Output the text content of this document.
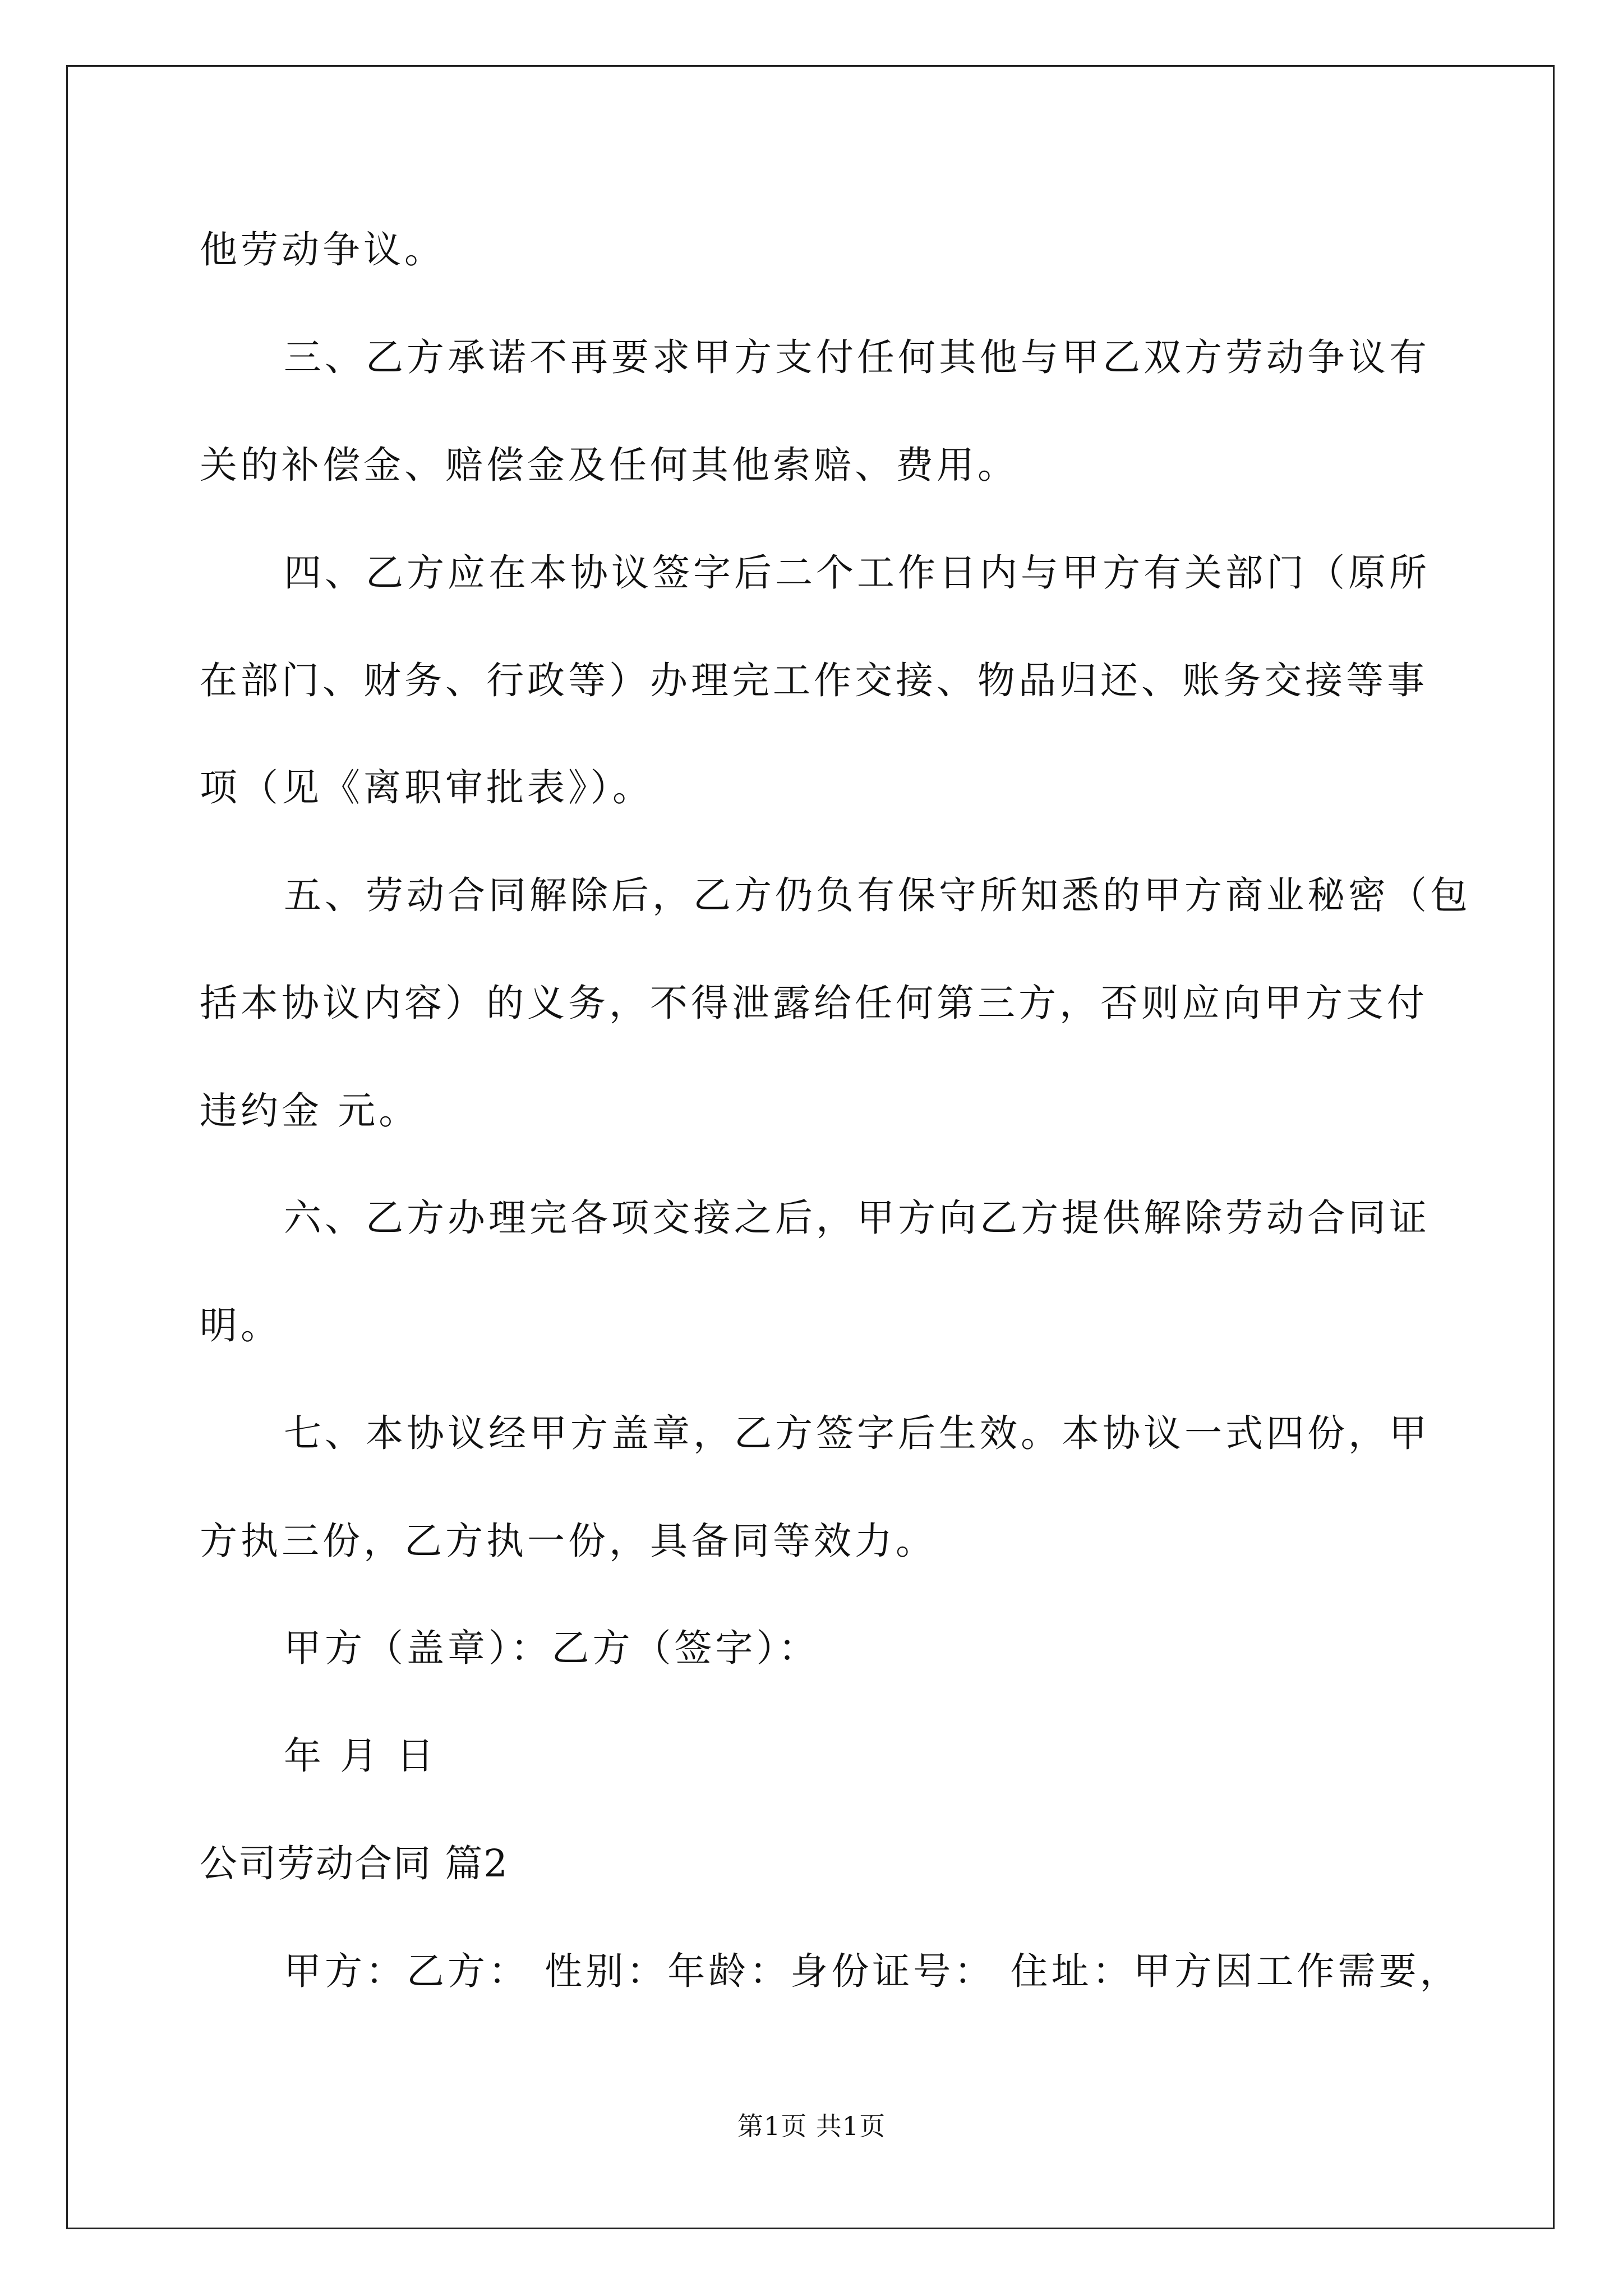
他劳动争议。
三、乙方承诺不再要求甲方支付任何其他与甲乙双方劳动争议有
关的补偿金、赔偿金及任何其他索赔、费用。
四、乙方应在本协议签字后二个工作日内与甲方有关部门（原所
在部门、财务、行政等）办理完工作交接、物品归还、账务交接等事
项（见《离职审批表》）。
五、劳动合同解除后，乙方仍负有保守所知悉的甲方商业秘密（包
括本协议内容）的义务，不得泄露给任何第三方，否则应向甲方支付
违约金 元。
六、乙方办理完各项交接之后，甲方向乙方提供解除劳动合同证
明。
七、本协议经甲方盖章，乙方签字后生效。本协议一式四份，甲
方执三份，乙方执一份，具备同等效力。
甲方（盖章）：乙方（签字）：
年 月 日
公司劳动合同 篇2
甲方：乙方： 性别：年龄：身份证号： 住址：甲方因工作需要，
第1页 共1页
